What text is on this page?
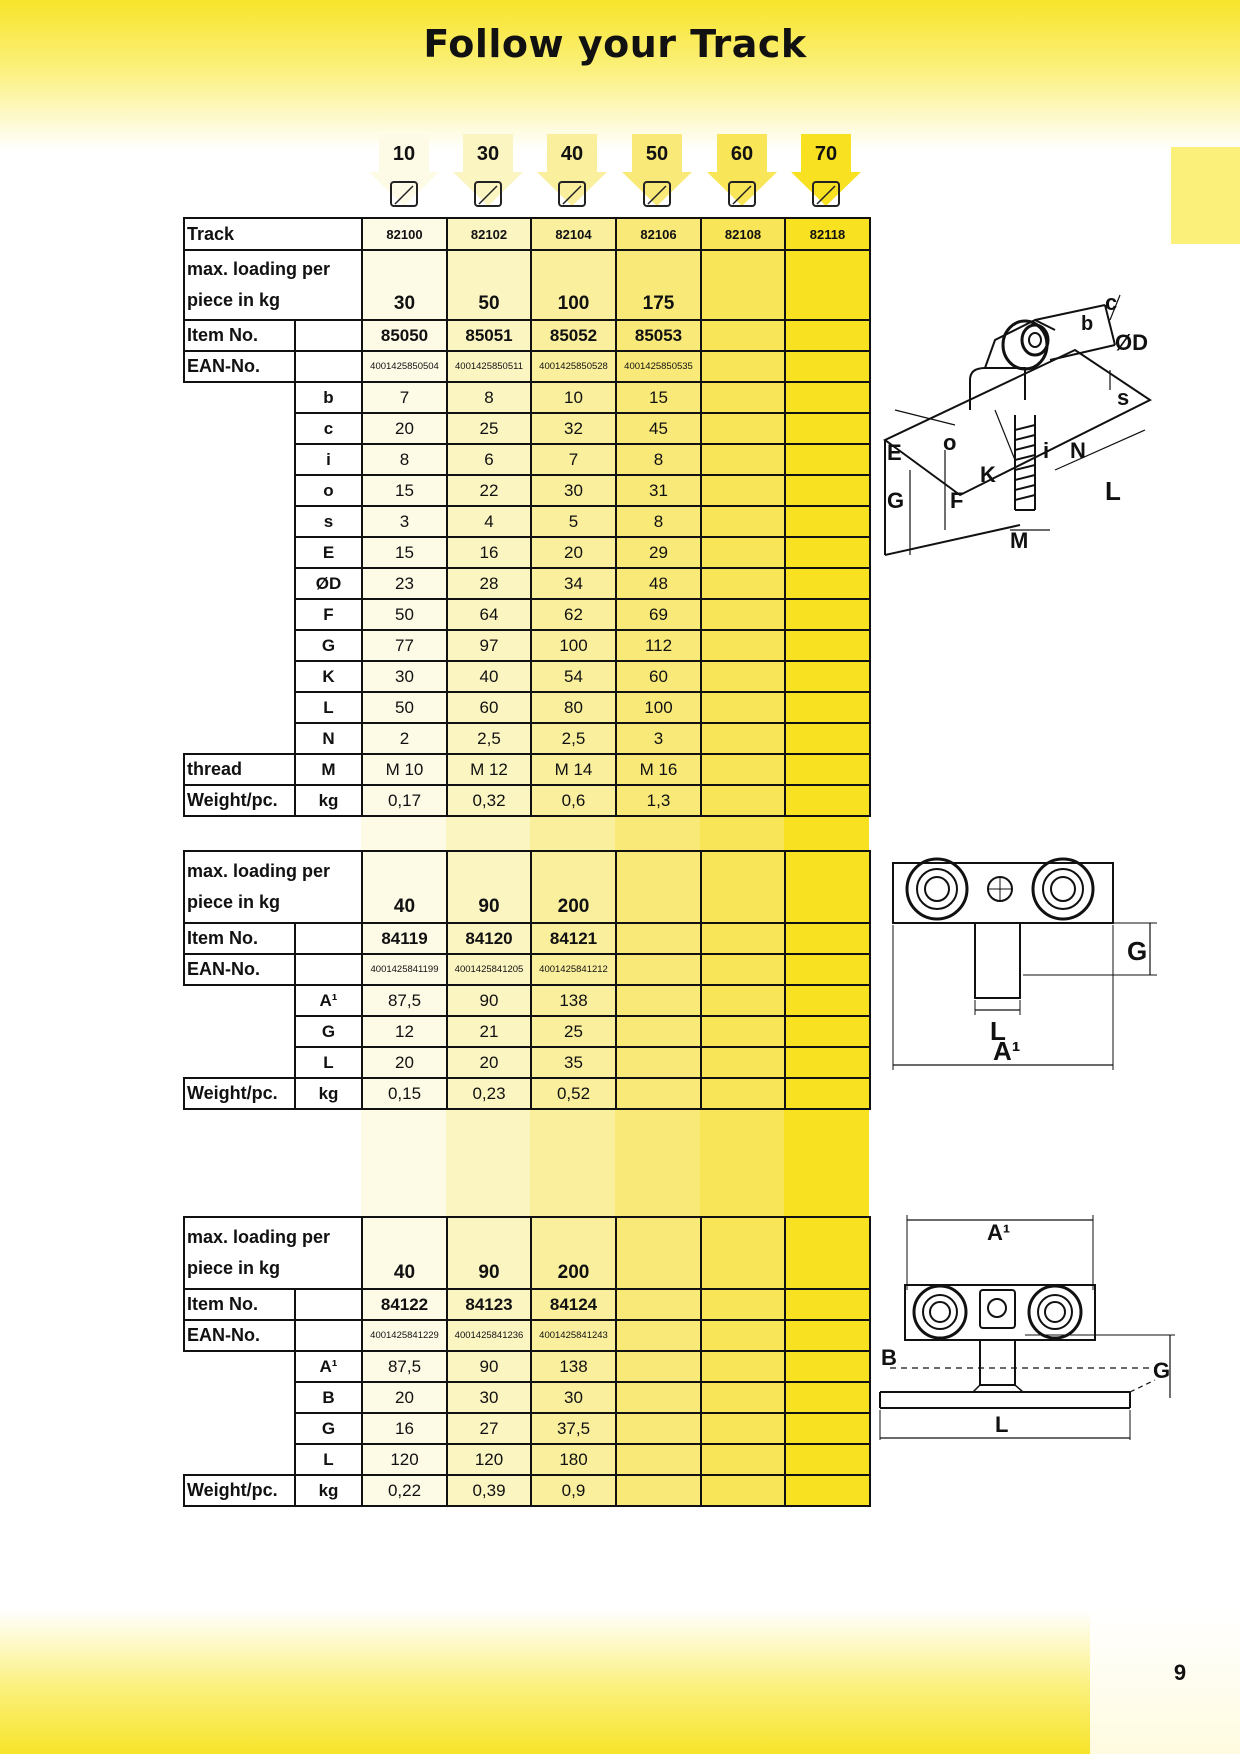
Follow your Track
9
10	30	40	50	60	70
Track		82100	82102	82104	82106	82108	82118

max. loading per
piece in kg		30	50	100	175		
Item No.		85050	85051	85052	85053		
EAN-No.		4001425850504	4001425850511	4001425850528	4001425850535		
	b	7	8	10	15		
	c	20	25	32	45		
	i	8	6	7	8		
	o	15	22	30	31		
	s	3	4	5	8		
	E	15	16	20	29		
	ØD	23	28	34	48		
	F	50	64	62	69		
	G	77	97	100	112		
	K	30	40	54	60		
	L	50	60	80	100		
	N	2	2,5	2,5	3		
thread	M	M 10	M 12	M 14	M 16		
Weight/pc.	kg	0,17	0,32	0,6	1,3		
max. loading per
piece in kg		40	90	200			
Item No.		84119	84120	84121			
EAN-No.		4001425841199	4001425841205	4001425841212			
	A¹	87,5	90	138			
	G	12	21	25			
	L	20	20	35			
Weight/pc.	kg	0,15	0,23	0,52			
max. loading per
piece in kg		40	90	200			
Item No.		84122	84123	84124			
EAN-No.		4001425841229	4001425841236	4001425841243			
	A¹	87,5	90	138			
	B	20	30	30			
	G	16	27	37,5			
	L	120	120	180			
Weight/pc.	kg	0,22	0,39	0,9			
c
b
ØD
s
E o	i N
K
L
G F
M
G
L
A¹
A¹
B
G
L
